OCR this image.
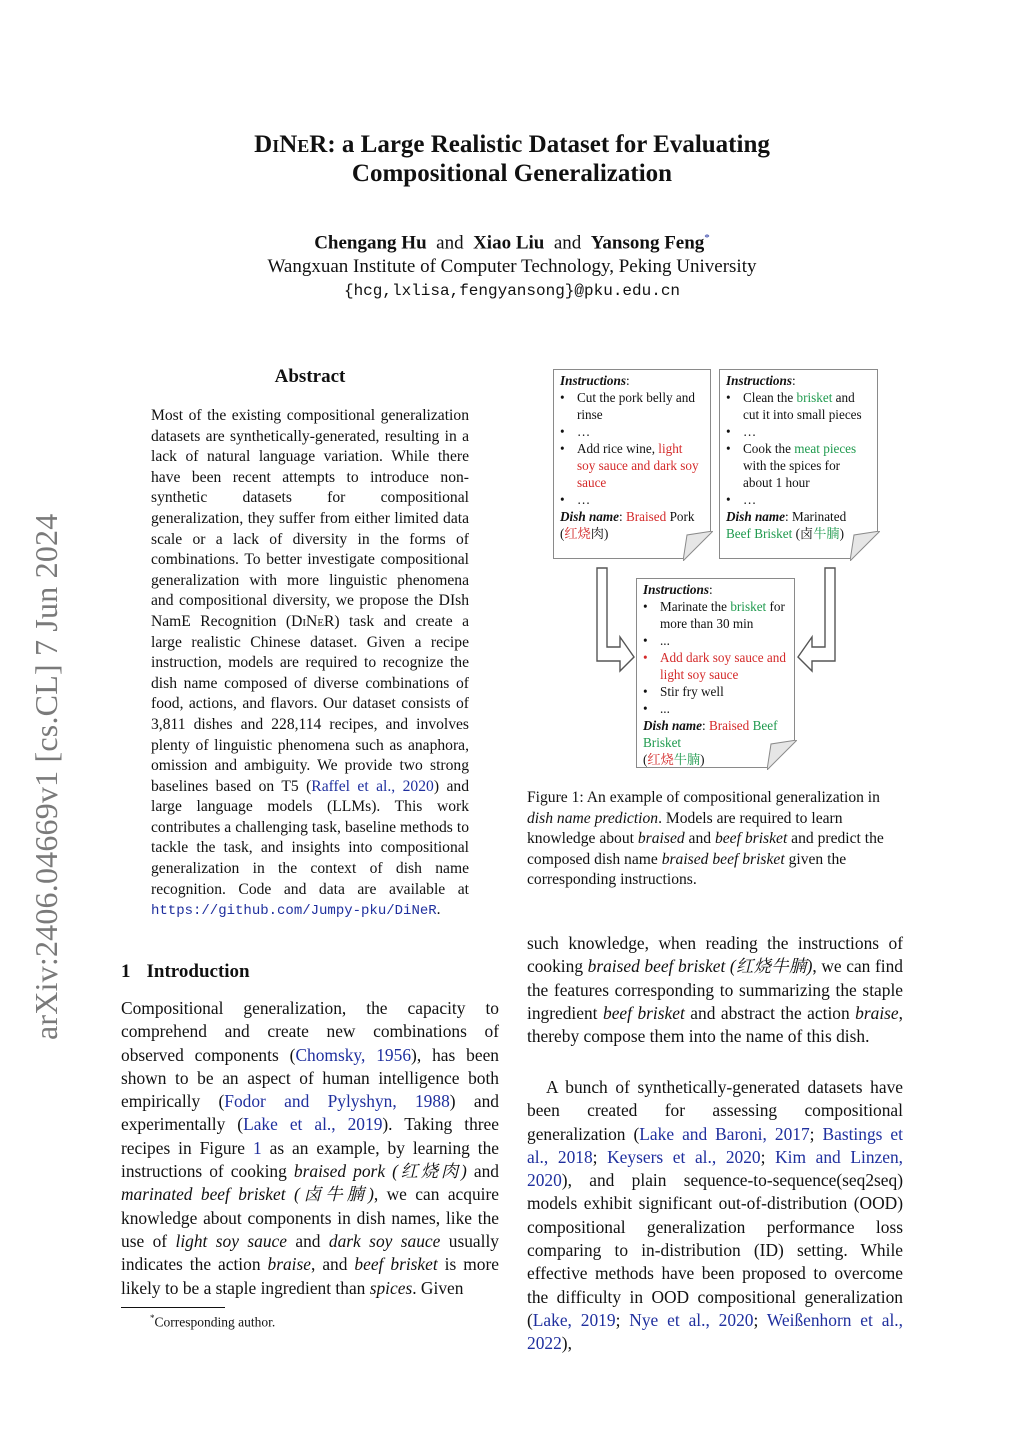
arXiv:2406.04669v1 [cs.CL] 7 Jun 2024
DiNeR: a Large Realistic Dataset for Evaluating
Compositional Generalization
Chengang Hu and Xiao Liu and Yansong Feng*
Wangxuan Institute of Computer Technology, Peking University
{hcg,lxlisa,fengyansong}@pku.edu.cn
Abstract
Most of the existing compositional generalization datasets are synthetically-generated, resulting in a lack of natural language variation. While there have been recent attempts to introduce non-synthetic datasets for compositional generalization, they suffer from either limited data scale or a lack of diversity in the forms of combinations. To better investigate compositional generalization with more linguistic phenomena and compositional diversity, we propose the DIsh NamE Recognition (DiNeR) task and create a large realistic Chinese dataset. Given a recipe instruction, models are required to recognize the dish name composed of diverse combinations of food, actions, and flavors. Our dataset consists of 3,811 dishes and 228,114 recipes, and involves plenty of linguistic phenomena such as anaphora, omission and ambiguity. We provide two strong baselines based on T5 (Raffel et al., 2020) and large language models (LLMs). This work contributes a challenging task, baseline methods to tackle the task, and insights into compositional generalization in the context of dish name recognition. Code and data are available at https://github.com/Jumpy-pku/DiNeR.
1 Introduction
Compositional generalization, the capacity to comprehend and create new combinations of observed components (Chomsky, 1956), has been shown to be an aspect of human intelligence both empirically (Fodor and Pylyshyn, 1988) and experimentally (Lake et al., 2019). Taking three recipes in Figure 1 as an example, by learning the instructions of cooking braised pork (红烧肉) and marinated beef brisket (卤牛腩), we can acquire knowledge about components in dish names, like the use of light soy sauce and dark soy sauce usually indicates the action braise, and beef brisket is more likely to be a staple ingredient than spices. Given
*Corresponding author.
Instructions:
• Cut the pork belly and rinse
• …
• Add rice wine, light soy sauce and dark soy sauce
• …
Dish name: Braised Pork
(红烧肉)
Instructions:
• Clean the brisket and cut it into small pieces
• …
• Cook the meat pieces with the spices for about 1 hour
• …
Dish name: Marinated
Beef Brisket (卤牛腩)
Instructions:
• Marinate the brisket for more than 30 min
• ...
• Add dark soy sauce and light soy sauce
• Stir fry well
• ...
Dish name: Braised Beef Brisket
(红烧牛腩)
Figure 1: An example of compositional generalization in dish name prediction. Models are required to learn knowledge about braised and beef brisket and predict the composed dish name braised beef brisket given the corresponding instructions.
such knowledge, when reading the instructions of cooking braised beef brisket (红烧牛腩), we can find the features corresponding to summarizing the staple ingredient beef brisket and abstract the action braise, thereby compose them into the name of this dish.
A bunch of synthetically-generated datasets have been created for assessing compositional generalization (Lake and Baroni, 2017; Bastings et al., 2018; Keysers et al., 2020; Kim and Linzen, 2020), and plain sequence-to-sequence(seq2seq) models exhibit significant out-of-distribution (OOD) compositional generalization performance loss comparing to in-distribution (ID) setting. While effective methods have been proposed to overcome the difficulty in OOD compositional generalization (Lake, 2019; Nye et al., 2020; Weißenhorn et al., 2022),
